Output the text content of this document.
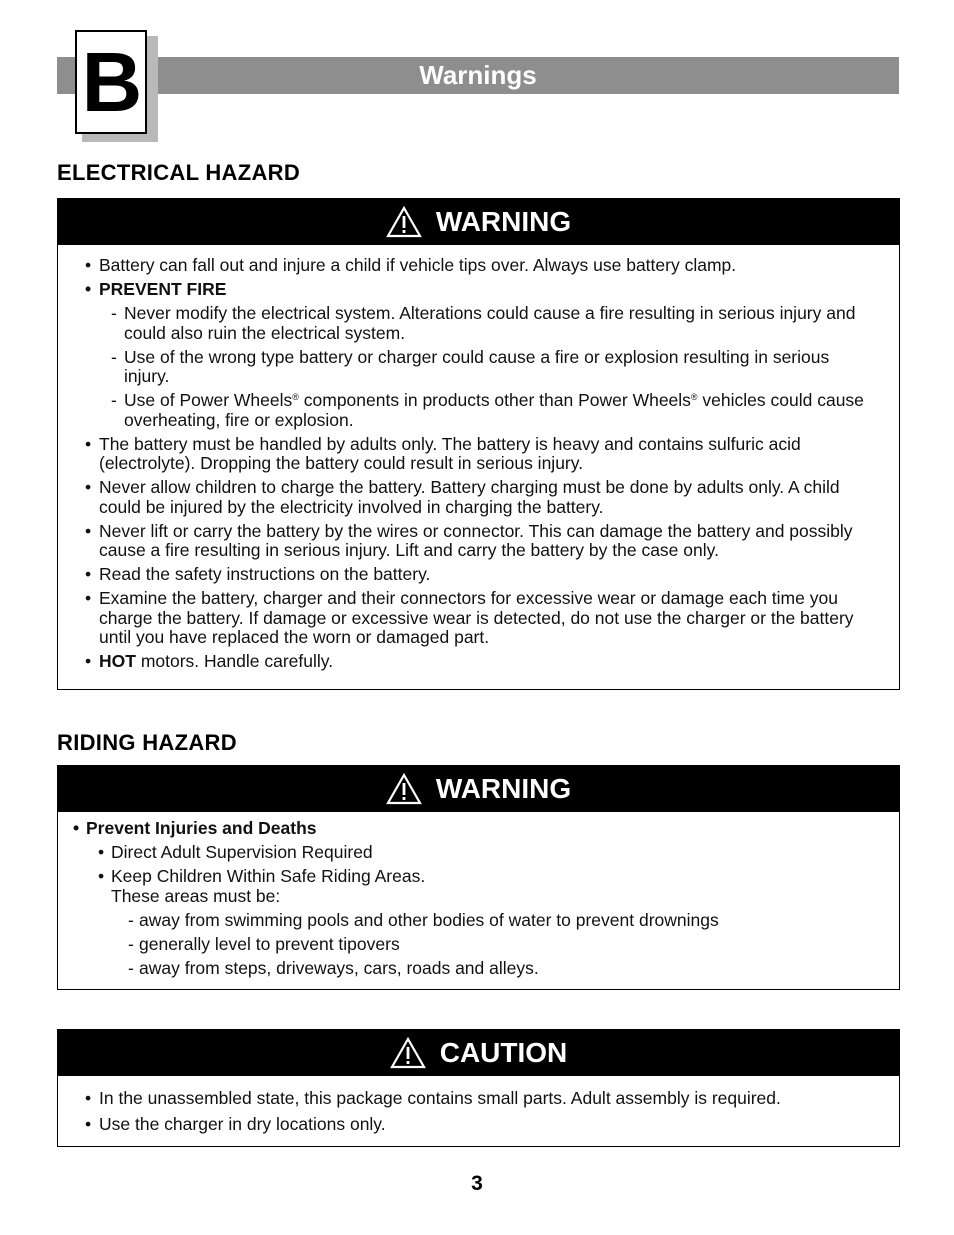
Warnings
B
ELECTRICAL HAZARD
WARNING
• Battery can fall out and injure a child if vehicle tips over. Always use battery clamp.
• PREVENT FIRE
- Never modify the electrical system. Alterations could cause a fire resulting in serious injury and could also ruin the electrical system.
- Use of the wrong type battery or charger could cause a fire or explosion resulting in serious injury.
- Use of Power Wheels® components in products other than Power Wheels® vehicles could cause overheating, fire or explosion.
• The battery must be handled by adults only. The battery is heavy and contains sulfuric acid (electrolyte). Dropping the battery could result in serious injury.
• Never allow children to charge the battery. Battery charging must be done by adults only. A child could be injured by the electricity involved in charging the battery.
• Never lift or carry the battery by the wires or connector. This can damage the battery and possibly cause a fire resulting in serious injury. Lift and carry the battery by the case only.
• Read the safety instructions on the battery.
• Examine the battery, charger and their connectors for excessive wear or damage each time you charge the battery. If damage or excessive wear is detected, do not use the charger or the battery until you have replaced the worn or damaged part.
• HOT motors. Handle carefully.
RIDING HAZARD
WARNING
• Prevent Injuries and Deaths
• Direct Adult Supervision Required
• Keep Children Within Safe Riding Areas.
These areas must be:
- away from swimming pools and other bodies of water to prevent drownings
- generally level to prevent tipovers
- away from steps, driveways, cars, roads and alleys.
CAUTION
• In the unassembled state, this package contains small parts. Adult assembly is required.
• Use the charger in dry locations only.
3
